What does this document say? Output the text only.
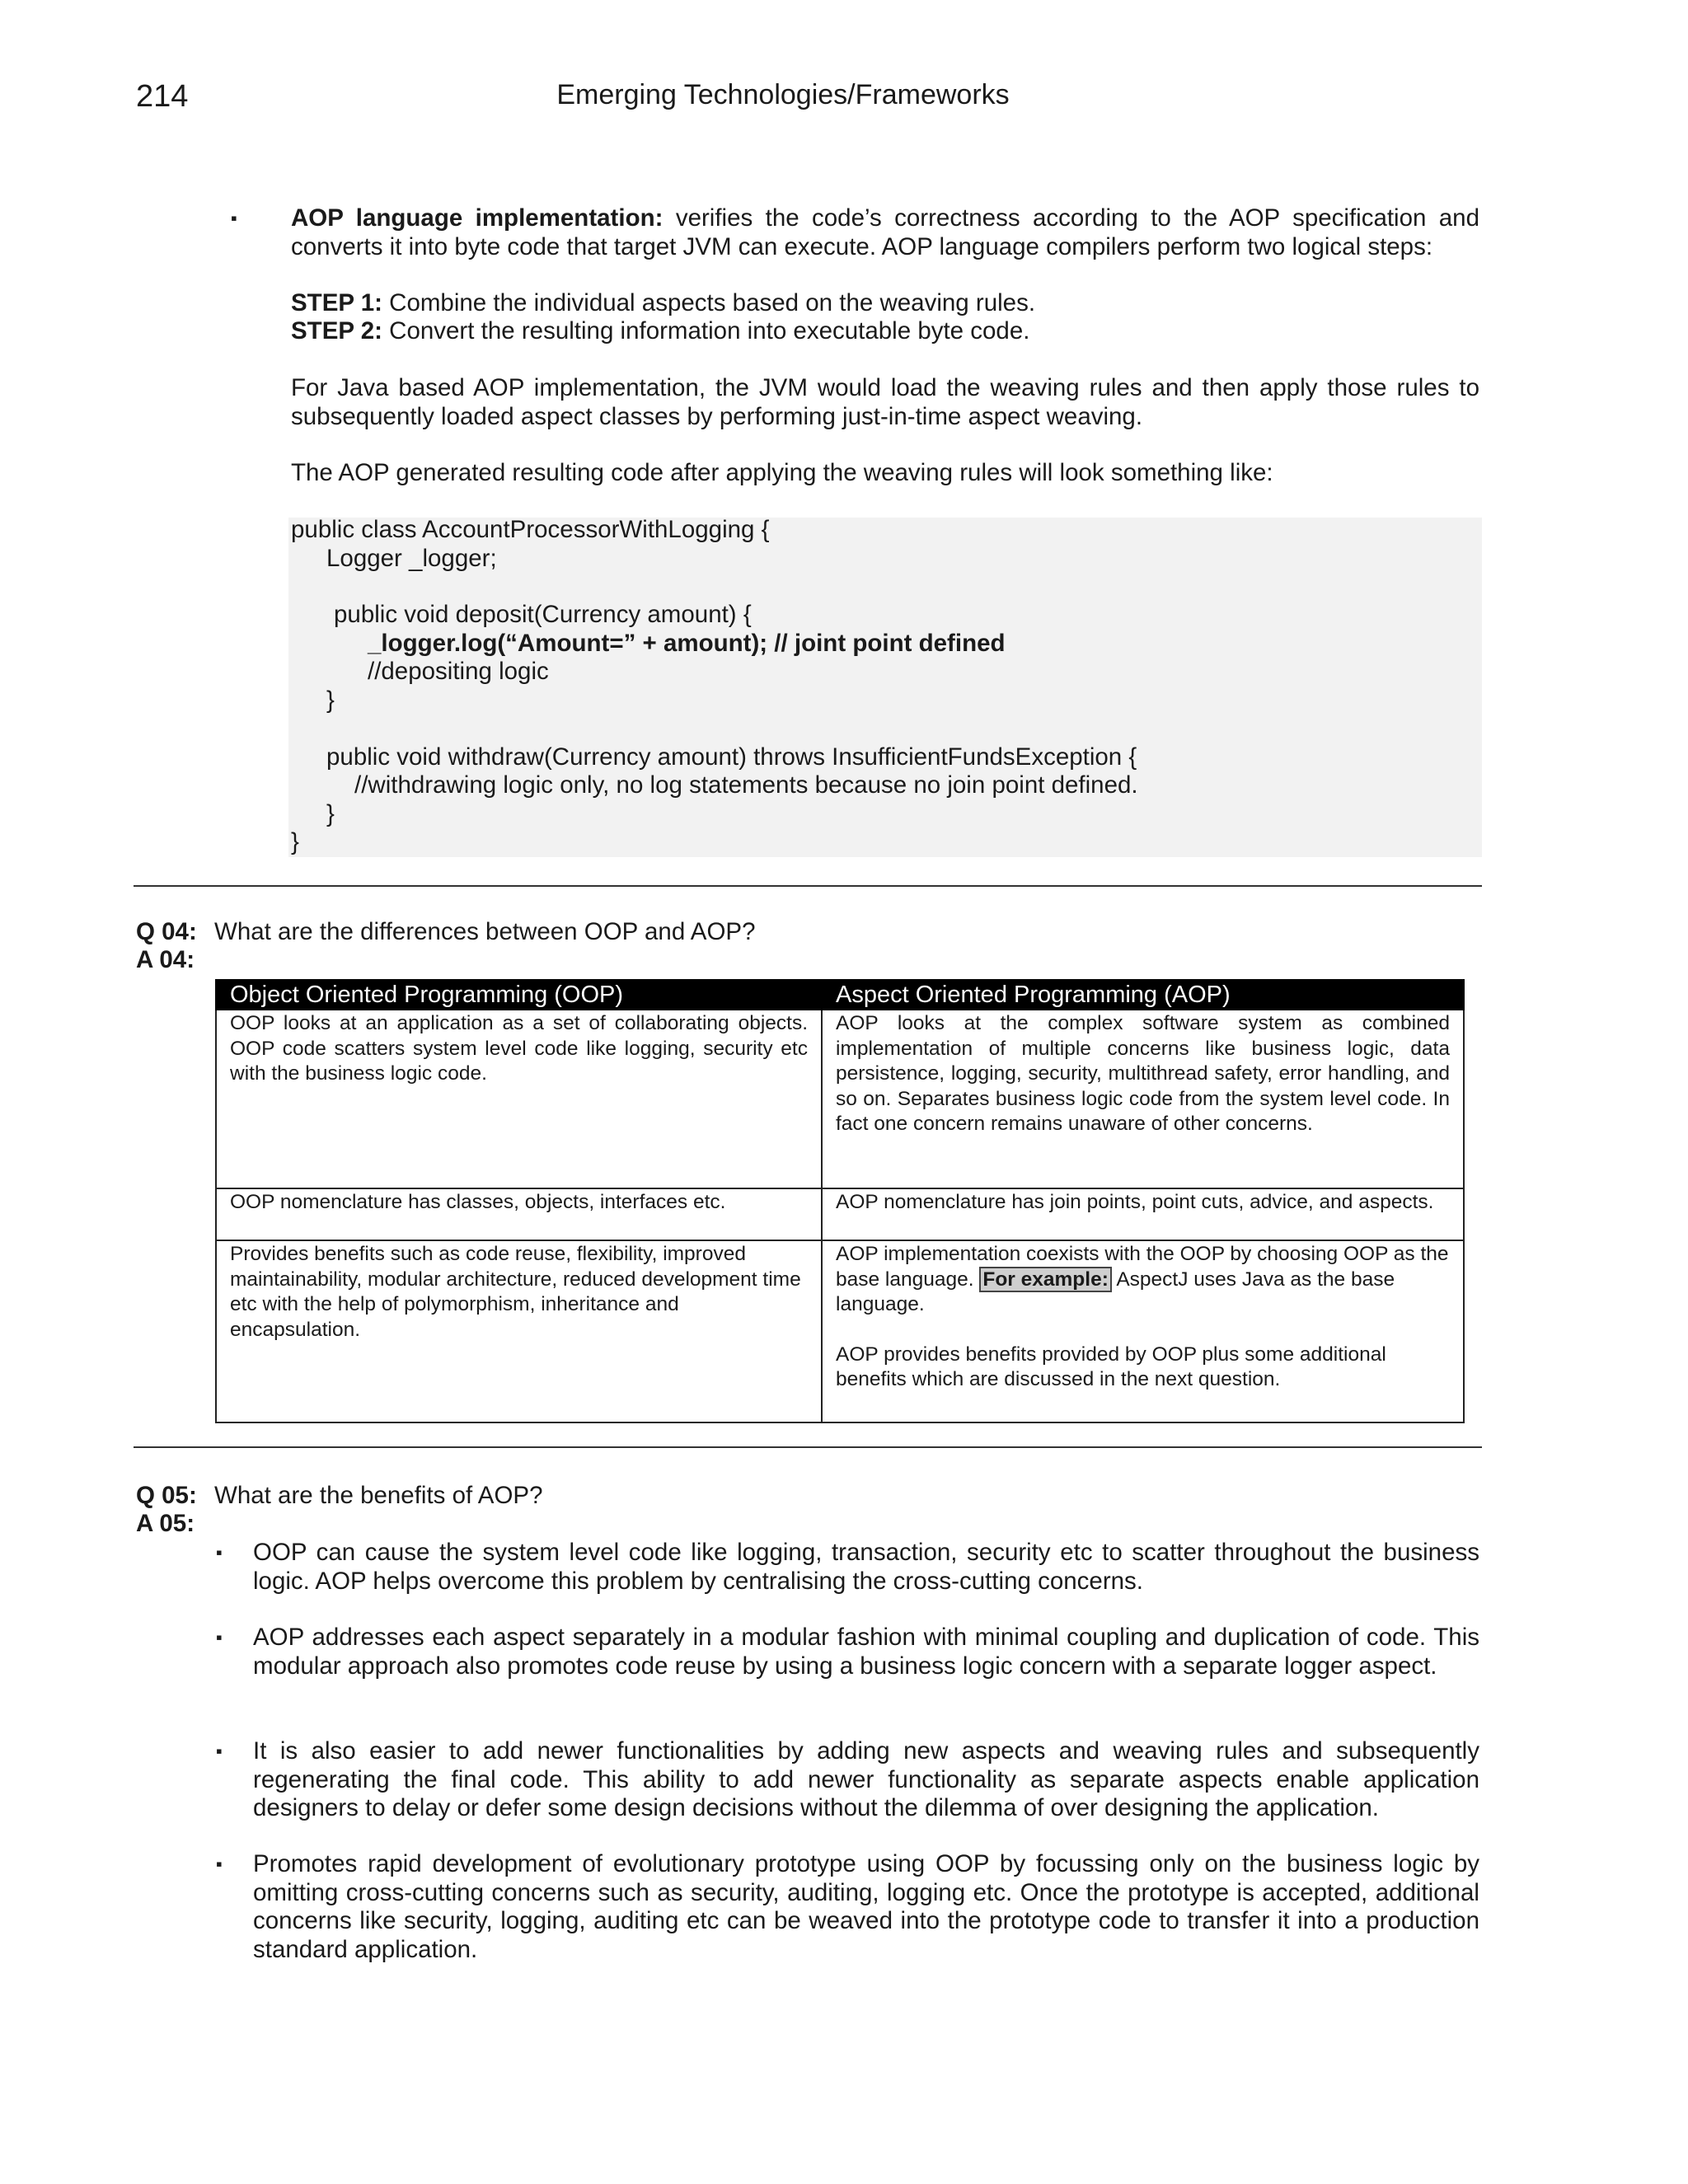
214	Emerging Technologies/Frameworks
▪ AOP language implementation: verifies the code’s correctness according to the AOP specification and converts it into byte code that target JVM can execute. AOP language compilers perform two logical steps:
STEP 1: Combine the individual aspects based on the weaving rules.
STEP 2: Convert the resulting information into executable byte code.
For Java based AOP implementation, the JVM would load the weaving rules and then apply those rules to subsequently loaded aspect classes by performing just-in-time aspect weaving.
The AOP generated resulting code after applying the weaving rules will look something like:
public class AccountProcessorWithLogging {
Logger _logger;
public void deposit(Currency amount) {
_logger.log(“Amount=” + amount); // joint point defined
//depositing logic
}
public void withdraw(Currency amount) throws InsufficientFundsException {
//withdrawing logic only, no log statements because no join point defined.
}
}
Q 04: What are the differences between OOP and AOP?
A 04:
Object Oriented Programming (OOP)	Aspect Oriented Programming (AOP)
OOP looks at an application as a set of collaborating objects. OOP code scatters system level code like logging, security etc with the business logic code.	AOP looks at the complex software system as combined implementation of multiple concerns like business logic, data persistence, logging, security, multithread safety, error handling, and so on. Separates business logic code from the system level code. In fact one concern remains unaware of other concerns.
OOP nomenclature has classes, objects, interfaces etc.	AOP nomenclature has join points, point cuts, advice, and aspects.
Provides benefits such as code reuse, flexibility, improved maintainability, modular architecture, reduced development time etc with the help of polymorphism, inheritance and encapsulation.	AOP implementation coexists with the OOP by choosing OOP as the base language. For example: AspectJ uses Java as the base language.
AOP provides benefits provided by OOP plus some additional benefits which are discussed in the next question.
Q 05: What are the benefits of AOP?
A 05:
▪ OOP can cause the system level code like logging, transaction, security etc to scatter throughout the business logic. AOP helps overcome this problem by centralising the cross-cutting concerns.
▪ AOP addresses each aspect separately in a modular fashion with minimal coupling and duplication of code. This modular approach also promotes code reuse by using a business logic concern with a separate logger aspect.
▪ It is also easier to add newer functionalities by adding new aspects and weaving rules and subsequently regenerating the final code. This ability to add newer functionality as separate aspects enable application designers to delay or defer some design decisions without the dilemma of over designing the application.
▪ Promotes rapid development of evolutionary prototype using OOP by focussing only on the business logic by omitting cross-cutting concerns such as security, auditing, logging etc. Once the prototype is accepted, additional concerns like security, logging, auditing etc can be weaved into the prototype code to transfer it into a production standard application.
